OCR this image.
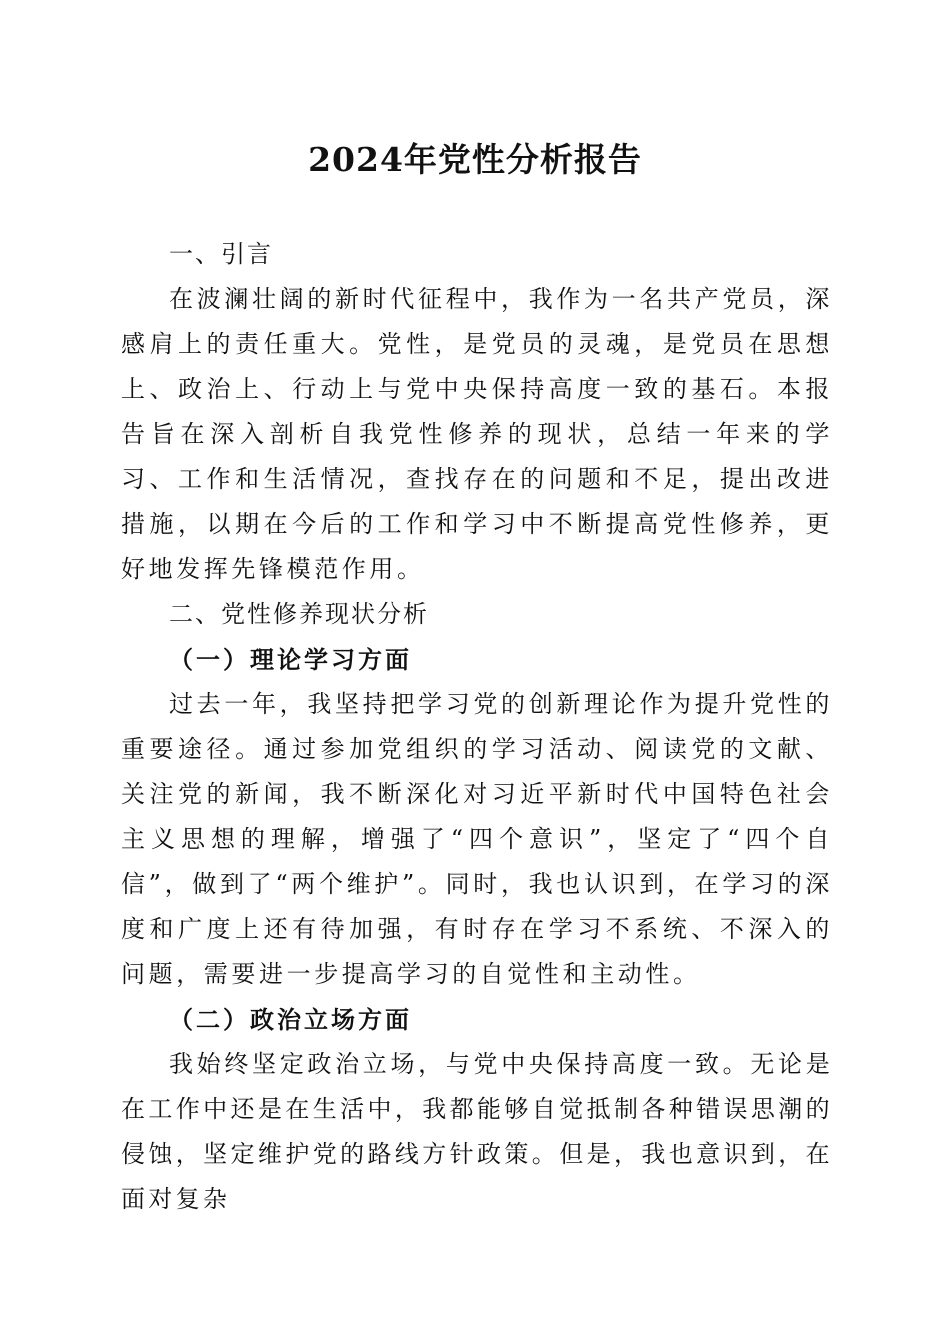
2024年党性分析报告
一、引言
在波澜壮阔的新时代征程中，我作为一名共产党员，深感肩上的责任重大。党性，是党员的灵魂，是党员在思想上、政治上、行动上与党中央保持高度一致的基石。本报告旨在深入剖析自我党性修养的现状，总结一年来的学习、工作和生活情况，查找存在的问题和不足，提出改进措施，以期在今后的工作和学习中不断提高党性修养，更好地发挥先锋模范作用。
二、党性修养现状分析
（一）理论学习方面
过去一年，我坚持把学习党的创新理论作为提升党性的重要途径。通过参加党组织的学习活动、阅读党的文献、关注党的新闻，我不断深化对习近平新时代中国特色社会主义思想的理解，增强了“四个意识”，坚定了“四个自信”，做到了“两个维护”。同时，我也认识到，在学习的深度和广度上还有待加强，有时存在学习不系统、不深入的问题，需要进一步提高学习的自觉性和主动性。
（二）政治立场方面
我始终坚定政治立场，与党中央保持高度一致。无论是在工作中还是在生活中，我都能够自觉抵制各种错误思潮的侵蚀，坚定维护党的路线方针政策。但是，我也意识到，在面对复杂
